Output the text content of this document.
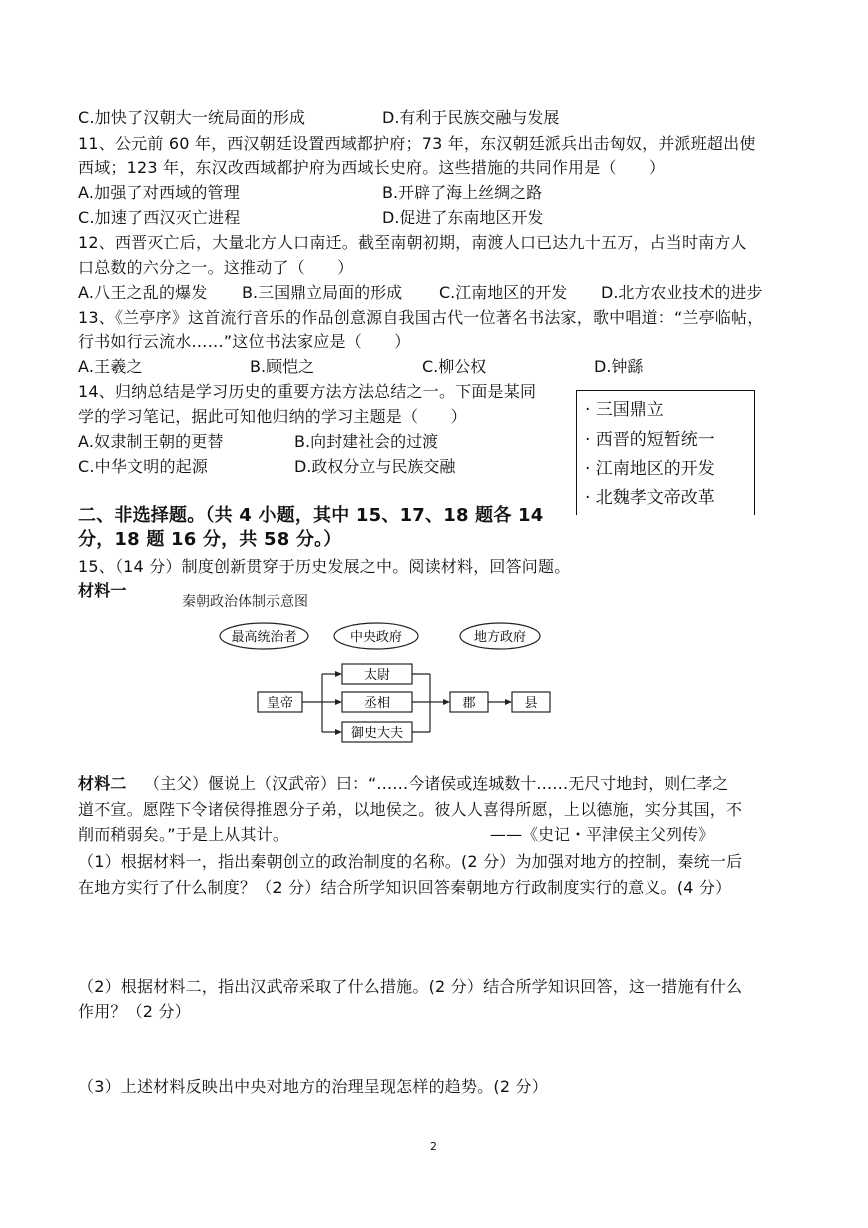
C.加快了汉朝大一统局面的形成	D.有利于民族交融与发展
11、公元前 60 年，西汉朝廷设置西域都护府；73 年，东汉朝廷派兵出击匈奴，并派班超出使
西域；123 年，东汉改西域都护府为西域长史府。这些措施的共同作用是（　　）
A.加强了对西域的管理	B.开辟了海上丝绸之路
C.加速了西汉灭亡进程	D.促进了东南地区开发
12、西晋灭亡后，大量北方人口南迁。截至南朝初期，南渡人口已达九十五万，占当时南方人
口总数的六分之一。这推动了（　　）
A.八王之乱的爆发 B.三国鼎立局面的形成 C.江南地区的开发 D.北方农业技术的进步
13、《兰亭序》这首流行音乐的作品创意源自我国古代一位著名书法家，歌中唱道：“兰亭临帖，
行书如行云流水……”这位书法家应是（　　）
A.王羲之	B.顾恺之	C.柳公权	D.钟繇
14、归纳总结是学习历史的重要方法方法总结之一。下面是某同
学的学习笔记，据此可知他归纳的学习主题是（　　）
A.奴隶制王朝的更替	B.向封建社会的过渡
C.中华文明的起源	D.政权分立与民族交融
· 三国鼎立
· 西晋的短暂统一
· 江南地区的开发
· 北魏孝文帝改革
二、非选择题。（共 4 小题，其中 15、17、18 题各 14
分，18 题 16 分，共 58 分。）
15、（14 分）制度创新贯穿于历史发展之中。阅读材料，回答问题。
材料一
秦朝政治体制示意图
最高统治者	中央政府	地方政府
皇帝
太尉
丞相
御史大夫
郡	县
材料二 （主父）偃说上（汉武帝）曰：“……今诸侯或连城数十……无尺寸地封，则仁孝之
道不宣。愿陛下令诸侯得推恩分子弟，以地侯之。彼人人喜得所愿，上以德施，实分其国，不
削而稍弱矣。”于是上从其计。	——《史记・平津侯主父列传》
（1）根据材料一，指出秦朝创立的政治制度的名称。(2 分）为加强对地方的控制，秦统一后
在地方实行了什么制度？（2 分）结合所学知识回答秦朝地方行政制度实行的意义。(4 分）
（2）根据材料二，指出汉武帝采取了什么措施。(2 分）结合所学知识回答，这一措施有什么
作用？（2 分）
（3）上述材料反映出中央对地方的治理呈现怎样的趋势。(2 分）
2
